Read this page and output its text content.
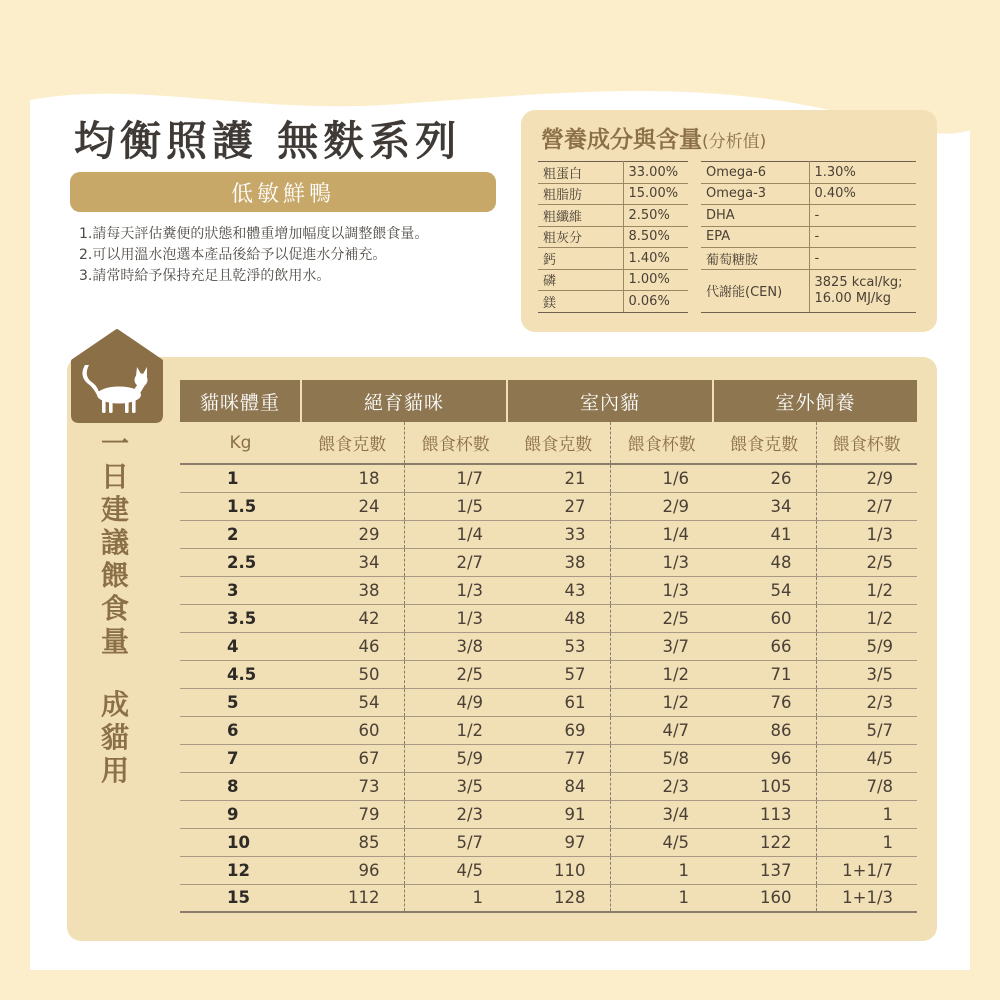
均衡照護 無麩系列
低敏鮮鴨
1.請每天評估糞便的狀態和體重增加幅度以調整餵食量。
2.可以用溫水泡選本產品後給予以促進水分補充。
3.請常時給予保持充足且乾淨的飲用水。
營養成分與含量(分析值)
粗蛋白	33.00%
粗脂肪	15.00%
粗纖維	2.50%
粗灰分	8.50%
鈣	1.40%
磷	1.00%
鎂	0.06%
Omega-6	1.30%
Omega-3	0.40%
DHA	-
EPA	-
葡萄糖胺	-
代謝能(CEN)	3825 kcal/kg;
16.00 MJ/kg
一
日
建
議
餵
食
量
成
貓
用
貓咪體重	絕育貓咪		室內貓		室外飼養	
Kg	餵食克數	餵食杯數	餵食克數	餵食杯數	餵食克數	餵食杯數
1	18	1/7	21	1/6	26	2/9
1.5	24	1/5	27	2/9	34	2/7
2	29	1/4	33	1/4	41	1/3
2.5	34	2/7	38	1/3	48	2/5
3	38	1/3	43	1/3	54	1/2
3.5	42	1/3	48	2/5	60	1/2
4	46	3/8	53	3/7	66	5/9
4.5	50	2/5	57	1/2	71	3/5
5	54	4/9	61	1/2	76	2/3
6	60	1/2	69	4/7	86	5/7
7	67	5/9	77	5/8	96	4/5
8	73	3/5	84	2/3	105	7/8
9	79	2/3	91	3/4	113	1
10	85	5/7	97	4/5	122	1
12	96	4/5	110	1	137	1+1/7
15	112	1	128	1	160	1+1/3
